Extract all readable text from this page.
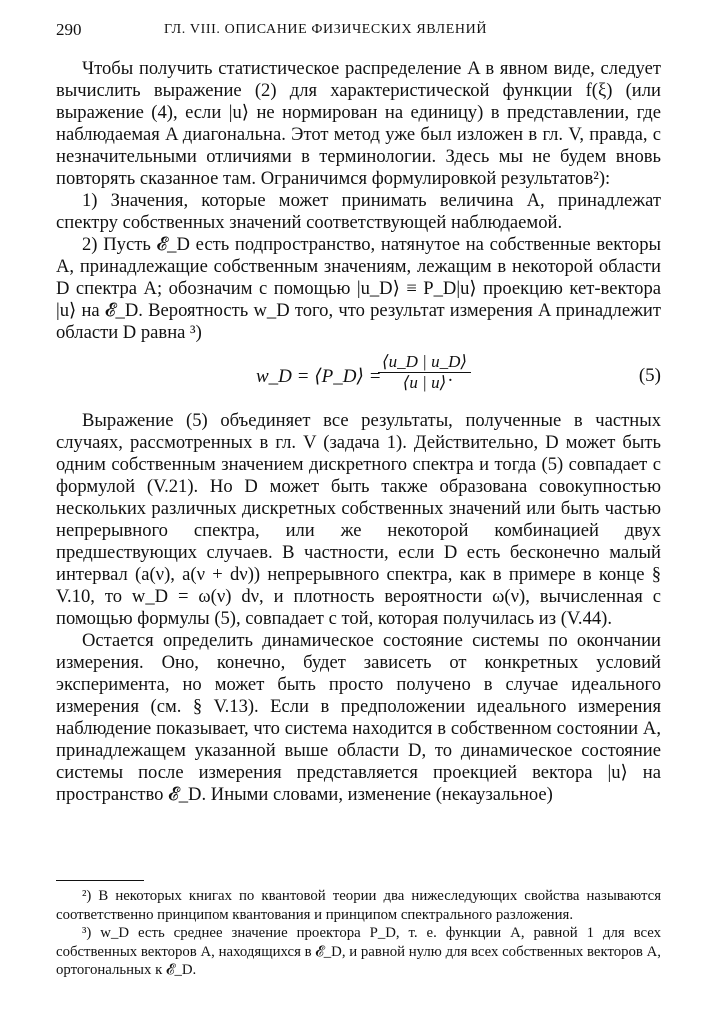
290	ГЛ. VIII. ОПИСАНИЕ ФИЗИЧЕСКИХ ЯВЛЕНИЙ

Чтобы получить статистическое распределение A в явном виде, следует вычислить выражение (2) для характеристической функции f(ξ) (или выражение (4), если |u⟩ не нормирован на единицу) в представлении, где наблюдаемая A диагональна. Этот метод уже был изложен в гл. V, правда, с незначительными отличиями в терминологии. Здесь мы не будем вновь повторять сказанное там. Ограничимся формулировкой результатов²):

1) Значения, которые может принимать величина A, принадлежат спектру собственных значений соответствующей наблюдаемой.

2) Пусть 𝓔_D есть подпространство, натянутое на собственные векторы A, принадлежащие собственным значениям, лежащим в некоторой области D спектра A; обозначим с помощью |u_D⟩ ≡ P_D|u⟩ проекцию кет-вектора |u⟩ на 𝓔_D. Вероятность w_D того, что результат измерения A принадлежит области D равна ³)

w_D = ⟨P_D⟩ =
$\frac{⟨u\_D | u\_D⟩}{⟨u | u⟩}$
.	(5)

Выражение (5) объединяет все результаты, полученные в частных случаях, рассмотренных в гл. V (задача 1). Действительно, D может быть одним собственным значением дискретного спектра и тогда (5) совпадает с формулой (V.21). Но D может быть также образована совокупностью нескольких различных дискретных собственных значений или быть частью непрерывного спектра, или же некоторой комбинацией двух предшествующих случаев. В частности, если D есть бесконечно малый интервал (a(ν), a(ν + dν)) непрерывного спектра, как в примере в конце § V.10, то w_D = ω(ν) dν, и плотность вероятности ω(ν), вычисленная с помощью формулы (5), совпадает с той, которая получилась из (V.44).

Остается определить динамическое состояние системы по окончании измерения. Оно, конечно, будет зависеть от конкретных условий эксперимента, но может быть просто получено в случае идеального измерения (см. § V.13). Если в предположении идеального измерения наблюдение показывает, что система находится в собственном состоянии A, принадлежащем указанной выше области D, то динамическое состояние системы после измерения представляется проекцией вектора |u⟩ на пространство 𝓔_D. Иными словами, изменение (некаузальное)

²) В некоторых книгах по квантовой теории два нижеследующих свойства называются соответственно принципом квантования и принципом спектрального разложения.

³) w_D есть среднее значение проектора P_D, т. е. функции A, равной 1 для всех собственных векторов A, находящихся в 𝓔_D, и равной нулю для всех собственных векторов A, ортогональных к 𝓔_D.
